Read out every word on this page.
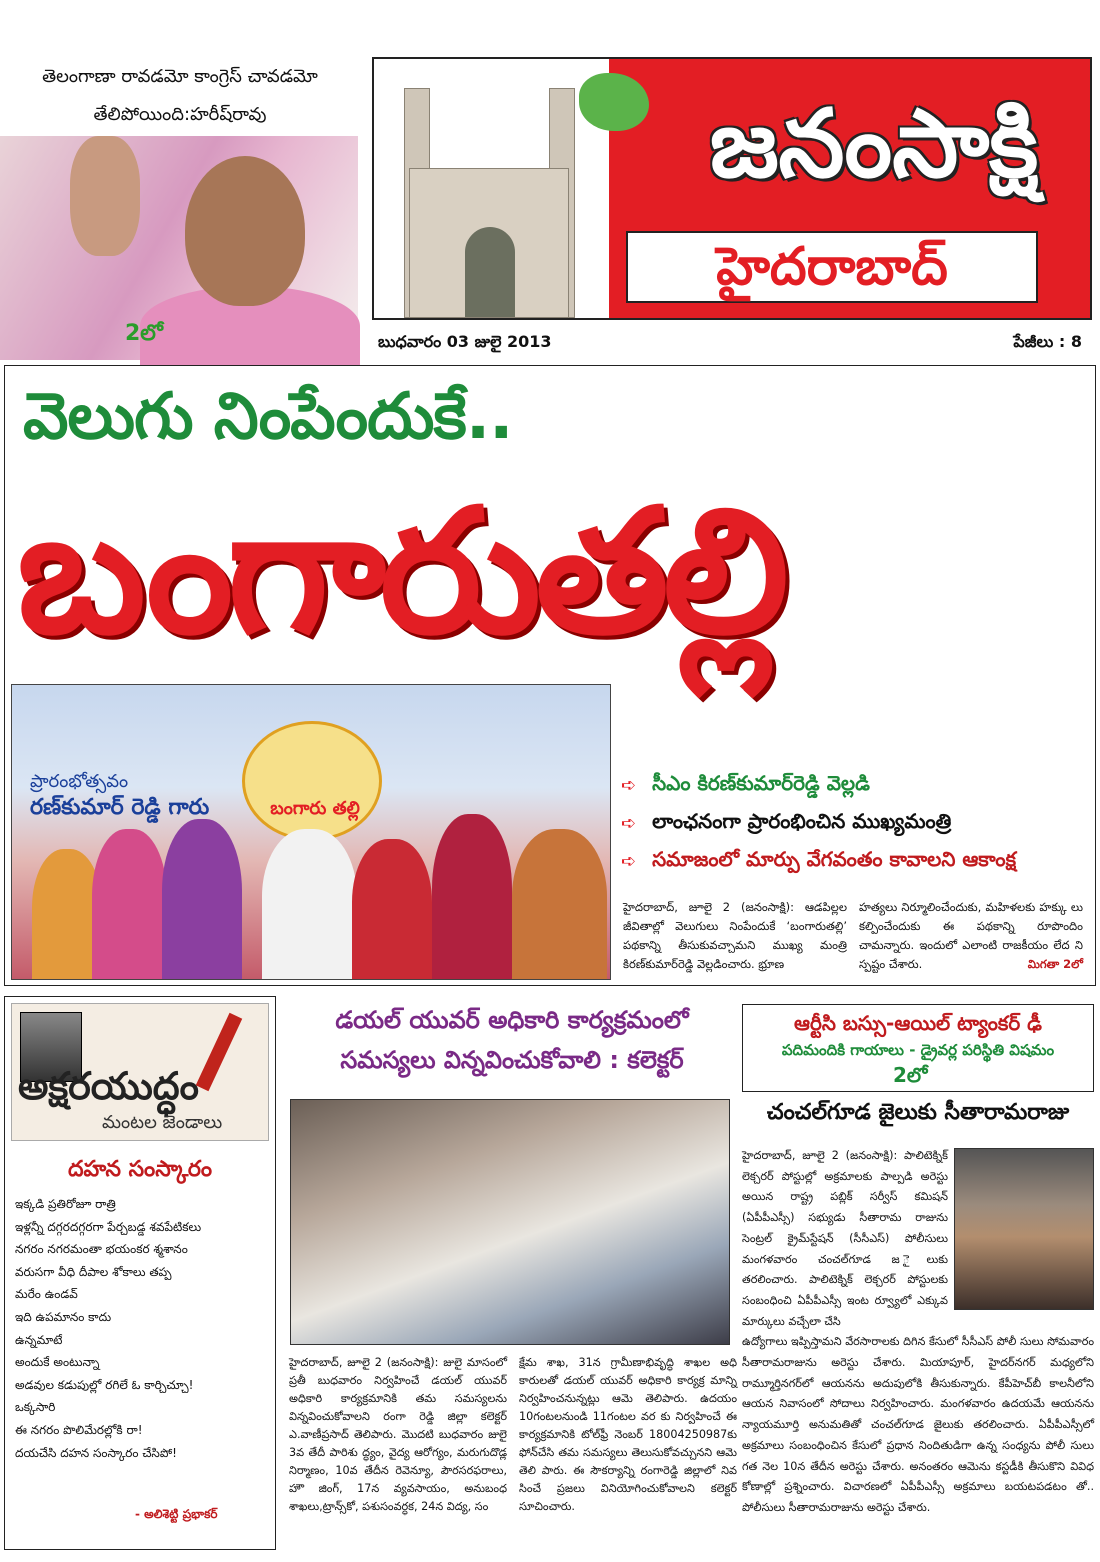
తెలంగాణా రావడమో కాంగ్రెస్ చావడమో
తేలిపోయింది:హరీష్‌రావు
2లో
జనంసాక్షి
హైదరాబాద్
బుధవారం 03 జులై 2013	పేజీలు : 8
వెలుగు నింపేందుకే..
బంగారుతల్లి
ప్రారంభోత్సవం
రణ్‌కుమార్ రెడ్డి గారు	బంగారు తల్లి
➪ సీఎం కిరణ్‌కుమార్‌రెడ్డి వెల్లడి
➪ లాంఛనంగా ప్రారంభించిన ముఖ్యమంత్రి
➪ సమాజంలో మార్పు వేగవంతం కావాలని ఆకాంక్ష
హైదరాబాద్, జూలై 2 (జనంసాక్షి): ఆడపిల్లల జీవితాల్లో వెలుగులు నింపేందుకే ‘బంగారుతల్లి’ పథకాన్ని తీసుకువచ్చామని ముఖ్య మంత్రి కిరణ్‌కుమార్‌రెడ్డి వెల్లడించారు. భ్రూణ
హత్యలు నిర్మూలించేందుకు, మహిళలకు హక్కు లు కల్పించేందుకు ఈ పథకాన్ని రూపొందిం చామన్నారు. ఇందులో ఎలాంటి రాజకీయం లేద ని స్పష్టం చేశారు.	మిగతా 2లో
అక్షరయుద్ధం
మంటల జెండాలు
దహన సంస్కారం
ఇక్కడి ప్రతిరోజూ రాత్రి
ఇళ్లన్నీ దగ్గరదగ్గరగా పేర్చబడ్డ శవపేటికలు
నగరం నగరమంతా భయంకర శ్మశానం
వరుసగా వీధి దీపాల శోకాలు తప్ప
మరేం ఉండవ్
ఇది ఉపమానం కాదు
ఉన్నమాటే
అందుకే అంటున్నా
అడవుల కడుపుల్లో రగిలే ఓ కార్చిచ్చూ!
ఒక్కసారి
ఈ నగరం పొలిమేరల్లోకి రా!
దయచేసి దహన సంస్కారం చేసిపో!
- అలిశెట్టి ప్రభాకర్
డయల్ యువర్ అధికారి కార్యక్రమంలో
సమస్యలు విన్నవించుకోవాలి : కలెక్టర్
హైదరాబాద్, జూలై 2 (జనంసాక్షి): జులై మాసంలో ప్రతీ బుధవారం నిర్వహించే డయల్ యువర్ అధికారి కార్యక్రమానికి తమ సమస్యలను విన్నవించుకోవాలని రంగా రెడ్డి జిల్లా కలెక్టర్ ఎ.వాణీప్రసాద్ తెలిపారు. మొదటి బుధవారం జులై 3వ తేదీ పారిశు ద్ధ్యం, వైద్య ఆరోగ్యం, మరుగుదొడ్ల నిర్మాణం, 10వ తేదీన రెవెన్యూ, పౌరసరఫరాలు, హౌ జింగ్, 17న వ్యవసాయం, అనుబంధ శాఖలు,ట్రాన్స్‌కో, పశుసంవర్ధక, 24న విద్య, సం
క్షేమ శాఖ, 31న గ్రామీణాభివృద్ధి శాఖల అధి కారులతో డయల్ యువర్ అధికారి కార్యక్ర మాన్ని నిర్వహించనున్నట్లు ఆమె తెలిపారు. ఉదయం 10గంటలనుండి 11గంటల వర కు నిర్వహించే ఈ కార్యక్రమానికి టోల్‌ఫ్రీ నెంబర్ 18004250987కు ఫోన్‌చేసి తమ సమస్యలు తెలుసుకోవచ్చునని ఆమె తెలి పారు. ఈ సౌకర్యాన్ని రంగారెడ్డి జిల్లాలో నివ సించే ప్రజలు వినియోగించుకోవాలని కలెక్టర్ సూచించారు.
ఆర్టీసి బస్సు-ఆయిల్ ట్యాంకర్ ఢీ
పదిమందికి గాయాలు - డ్రైవర్ల పరిస్థితి విషమం
2లో
చంచల్‌గూడ జైలుకు సీతారామరాజు
హైదరాబాద్, జూలై 2 (జనంసాక్షి): పాలిటెక్నిక్ లెక్చరర్ పోస్టుల్లో అక్రమాలకు పాల్పడి అరెస్టు అయిన రాష్ట్ర పబ్లిక్ సర్వీస్ కమిషన్ (ఏపీపీఎస్సీ) సభ్యుడు సీతారామ రాజును సెంట్రల్ క్రైమ్‌స్టేషన్ (సీసీఎస్) పోలీసులు మంగళవారం చంచల్‌గూడ జ ైలుకు తరలించారు. పాలిటెక్నిక్ లెక్చరర్ పోస్టులకు సంబంధించి ఏపీపీఎస్సీ ఇంట ర్వ్యూలో ఎక్కువ మార్కులు వచ్చేలా చేసి
ఉద్యోగాలు ఇప్పిస్తామని వేరసారాలకు దిగిన కేసులో సీసీఎస్ పోలీ సులు సోమవారం సీతారామరాజును అరెస్టు చేశారు. మియాపూర్, హైదర్‌నగర్ మధ్యలోని రామ్మూర్తినగర్‌లో ఆయనను అదుపులోకి తీసుకున్నారు. కేపీహెచ్‌బీ కాలనీలోని ఆయన నివాసంలో సోదాలు నిర్వహించారు. మంగళవారం ఉదయమే ఆయనను న్యాయమూర్తి అనుమతితో చంచల్‌గూడ జైలుకు తరలించారు. ఏపీపీఎస్సీలో అక్రమాలు సంబంధించిన కేసులో ప్రధాన నిందితుడిగా ఉన్న సంధ్యను పోలీ సులు గత నెల 10న తేదీన అరెస్టు చేశారు. అనంతరం ఆమెను కస్టడీకి తీసుకొని వివిధ కోణాల్లో ప్రశ్నించారు. విచారణలో ఏపీపీఎస్సీ అక్రమాలు బయటపడటం తో.. పోలీసులు సీతారామరాజును అరెస్టు చేశారు.
